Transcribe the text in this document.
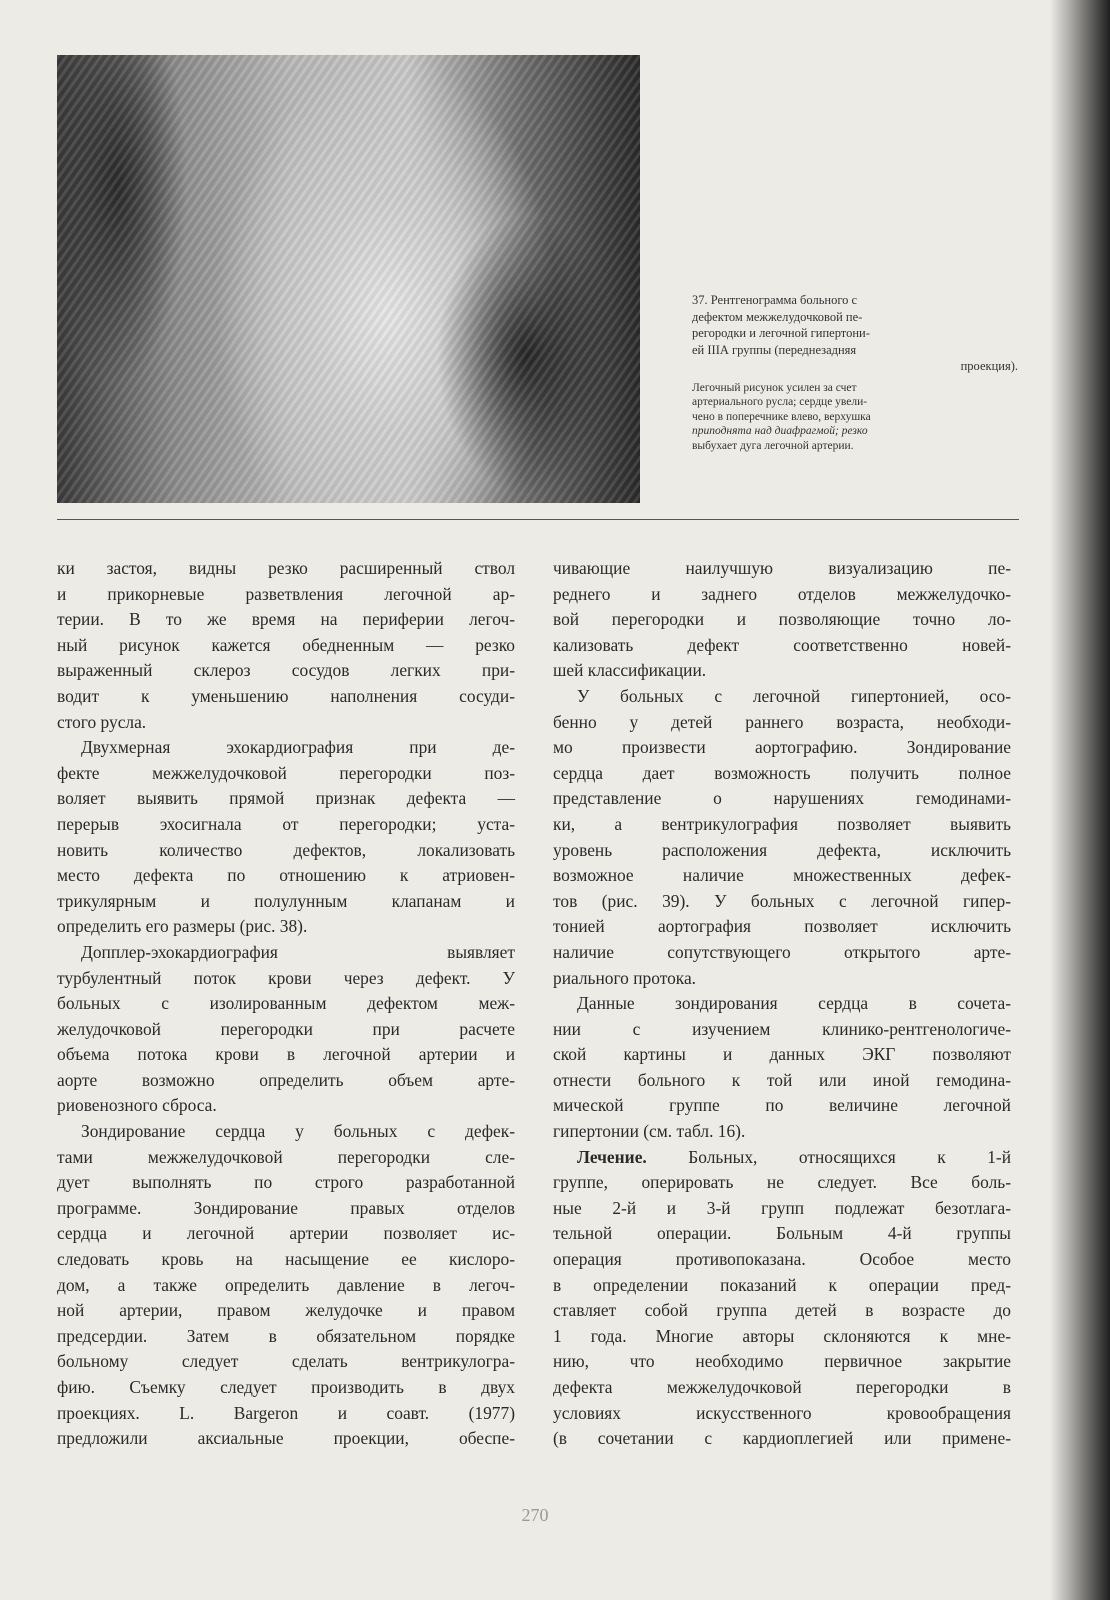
37. Рентгенограмма больного с
дефектом межжелудочковой пе-
регородки и легочной гипертони-
ей IIIА группы (переднезадняя
проекция).

Легочный рисунок усилен за счет
артериального русла; сердце увели-
чено в поперечнике влево, верхушка
приподнята над диафрагмой; резко
выбухает дуга легочной артерии.

ки застоя, видны резко расширенный ствол
и прикорневые разветвления легочной ар-
терии. В то же время на периферии легоч-
ный рисунок кажется обедненным — резко
выраженный склероз сосудов легких при-
водит к уменьшению наполнения сосуди-
стого русла.

Двухмерная эхокардиография при де-
фекте межжелудочковой перегородки поз-
воляет выявить прямой признак дефекта —
перерыв эхосигнала от перегородки; уста-
новить количество дефектов, локализовать
место дефекта по отношению к атриовен-
трикулярным и полулунным клапанам и
определить его размеры (рис. 38).

Допплер-эхокардиография выявляет
турбулентный поток крови через дефект. У
больных с изолированным дефектом меж-
желудочковой перегородки при расчете
объема потока крови в легочной артерии и
аорте возможно определить объем арте-
риовенозного сброса.

Зондирование сердца у больных с дефек-
тами межжелудочковой перегородки сле-
дует выполнять по строго разработанной
программе. Зондирование правых отделов
сердца и легочной артерии позволяет ис-
следовать кровь на насыщение ее кислоро-
дом, а также определить давление в легоч-
ной артерии, правом желудочке и правом
предсердии. Затем в обязательном порядке
больному следует сделать вентрикулогра-
фию. Съемку следует производить в двух
проекциях. L. Bargeron и соавт. (1977)
предложили аксиальные проекции, обеспе-

чивающие наилучшую визуализацию пе-
реднего и заднего отделов межжелудочко-
вой перегородки и позволяющие точно ло-
кализовать дефект соответственно новей-
шей классификации.

У больных с легочной гипертонией, осо-
бенно у детей раннего возраста, необходи-
мо произвести аортографию. Зондирование
сердца дает возможность получить полное
представление о нарушениях гемодинами-
ки, а вентрикулография позволяет выявить
уровень расположения дефекта, исключить
возможное наличие множественных дефек-
тов (рис. 39). У больных с легочной гипер-
тонией аортография позволяет исключить
наличие сопутствующего открытого арте-
риального протока.

Данные зондирования сердца в сочета-
нии с изучением клинико-рентгенологиче-
ской картины и данных ЭКГ позволяют
отнести больного к той или иной гемодина-
мической группе по величине легочной
гипертонии (см. табл. 16).

Лечение. Больных, относящихся к 1-й
группе, оперировать не следует. Все боль-
ные 2-й и 3-й групп подлежат безотлага-
тельной операции. Больным 4-й группы
операция противопоказана. Особое место
в определении показаний к операции пред-
ставляет собой группа детей в возрасте до
1 года. Многие авторы склоняются к мне-
нию, что необходимо первичное закрытие
дефекта межжелудочковой перегородки в
условиях искусственного кровообращения
(в сочетании с кардиоплегией или примене-

270
